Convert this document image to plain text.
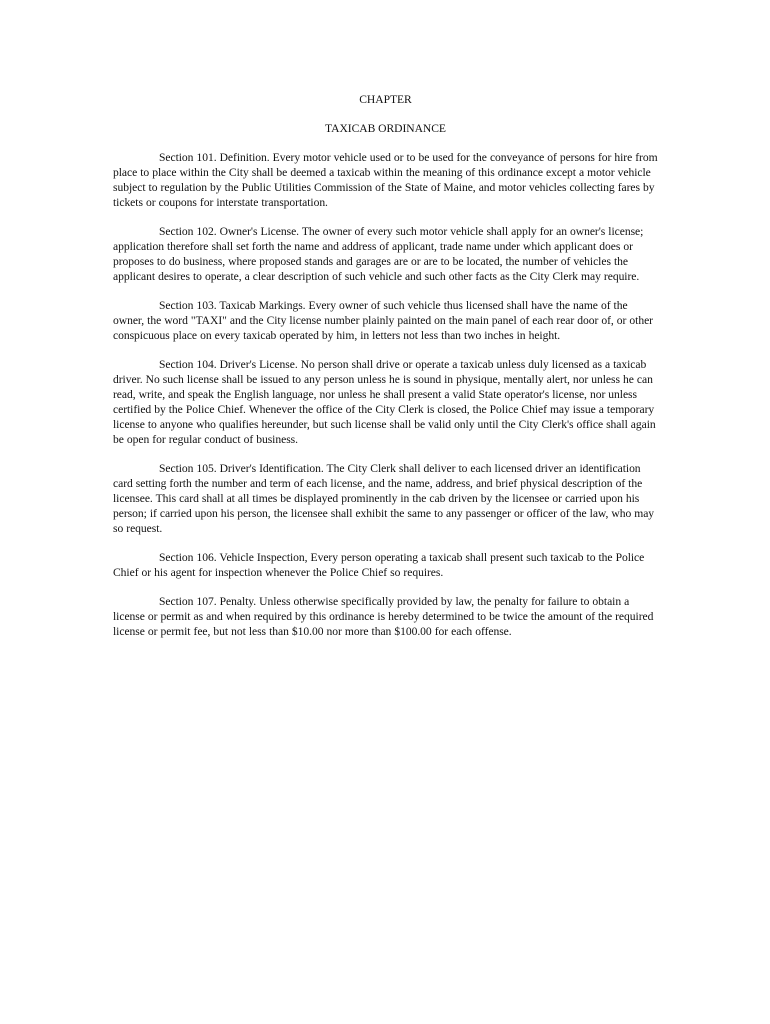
CHAPTER

TAXICAB ORDINANCE

Section 101. Definition. Every motor vehicle used or to be used for the conveyance of persons for hire from place to place within the City shall be deemed a taxicab within the meaning of this ordinance except a motor vehicle subject to regulation by the Public Utilities Commission of the State of Maine, and motor vehicles collecting fares by tickets or coupons for interstate transportation.

Section 102. Owner's License. The owner of every such motor vehicle shall apply for an owner's license; application therefore shall set forth the name and address of applicant, trade name under which applicant does or proposes to do business, where proposed stands and garages are or are to be located, the number of vehicles the applicant desires to operate, a clear description of such vehicle and such other facts as the City Clerk may require.

Section 103. Taxicab Markings. Every owner of such vehicle thus licensed shall have the name of the owner, the word "TAXI" and the City license number plainly painted on the main panel of each rear door of, or other conspicuous place on every taxicab operated by him, in letters not less than two inches in height.

Section 104. Driver's License. No person shall drive or operate a taxicab unless duly licensed as a taxicab driver. No such license shall be issued to any person unless he is sound in physique, mentally alert, nor unless he can read, write, and speak the English language, nor unless he shall present a valid State operator's license, nor unless certified by the Police Chief. Whenever the office of the City Clerk is closed, the Police Chief may issue a temporary license to anyone who qualifies hereunder, but such license shall be valid only until the City Clerk's office shall again be open for regular conduct of business.

Section 105. Driver's Identification. The City Clerk shall deliver to each licensed driver an identification card setting forth the number and term of each license, and the name, address, and brief physical description of the licensee. This card shall at all times be displayed prominently in the cab driven by the licensee or carried upon his person; if carried upon his person, the licensee shall exhibit the same to any passenger or officer of the law, who may so request.

Section 106. Vehicle Inspection, Every person operating a taxicab shall present such taxicab to the Police Chief or his agent for inspection whenever the Police Chief so requires.

Section 107. Penalty. Unless otherwise specifically provided by law, the penalty for failure to obtain a license or permit as and when required by this ordinance is hereby determined to be twice the amount of the required license or permit fee, but not less than $10.00 nor more than $100.00 for each offense.
